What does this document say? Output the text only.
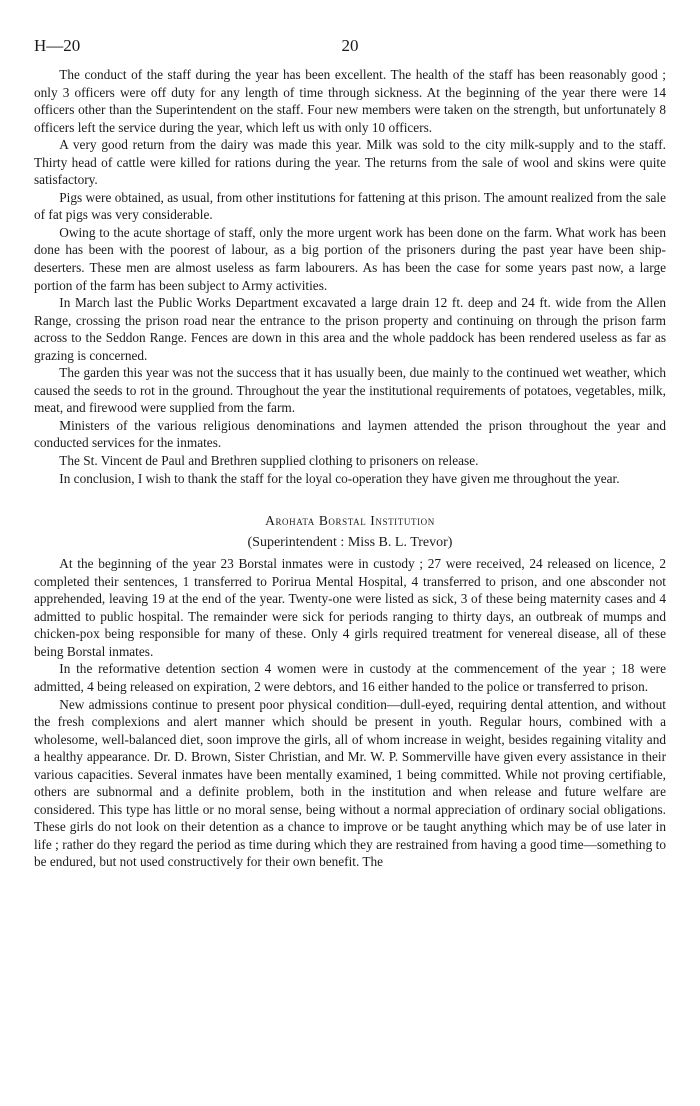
H—20	20

The conduct of the staff during the year has been excellent. The health of the staff has been reasonably good ; only 3 officers were off duty for any length of time through sickness. At the beginning of the year there were 14 officers other than the Superintendent on the staff. Four new members were taken on the strength, but unfortunately 8 officers left the service during the year, which left us with only 10 officers.

A very good return from the dairy was made this year. Milk was sold to the city milk-supply and to the staff. Thirty head of cattle were killed for rations during the year. The returns from the sale of wool and skins were quite satisfactory.

Pigs were obtained, as usual, from other institutions for fattening at this prison. The amount realized from the sale of fat pigs was very considerable.

Owing to the acute shortage of staff, only the more urgent work has been done on the farm. What work has been done has been with the poorest of labour, as a big portion of the prisoners during the past year have been ship-deserters. These men are almost useless as farm labourers. As has been the case for some years past now, a large portion of the farm has been subject to Army activities.

In March last the Public Works Department excavated a large drain 12 ft. deep and 24 ft. wide from the Allen Range, crossing the prison road near the entrance to the prison property and continuing on through the prison farm across to the Seddon Range. Fences are down in this area and the whole paddock has been rendered useless as far as grazing is concerned.

The garden this year was not the success that it has usually been, due mainly to the continued wet weather, which caused the seeds to rot in the ground. Throughout the year the institutional requirements of potatoes, vegetables, milk, meat, and firewood were supplied from the farm.

Ministers of the various religious denominations and laymen attended the prison throughout the year and conducted services for the inmates.

The St. Vincent de Paul and Brethren supplied clothing to prisoners on release.

In conclusion, I wish to thank the staff for the loyal co-operation they have given me throughout the year.

Arohata Borstal Institution
(Superintendent : Miss B. L. Trevor)

At the beginning of the year 23 Borstal inmates were in custody ; 27 were received, 24 released on licence, 2 completed their sentences, 1 transferred to Porirua Mental Hospital, 4 transferred to prison, and one absconder not apprehended, leaving 19 at the end of the year. Twenty-one were listed as sick, 3 of these being maternity cases and 4 admitted to public hospital. The remainder were sick for periods ranging to thirty days, an outbreak of mumps and chicken-pox being responsible for many of these. Only 4 girls required treatment for venereal disease, all of these being Borstal inmates.

In the reformative detention section 4 women were in custody at the commencement of the year ; 18 were admitted, 4 being released on expiration, 2 were debtors, and 16 either handed to the police or transferred to prison.

New admissions continue to present poor physical condition—dull-eyed, requiring dental attention, and without the fresh complexions and alert manner which should be present in youth. Regular hours, combined with a wholesome, well-balanced diet, soon improve the girls, all of whom increase in weight, besides regaining vitality and a healthy appearance. Dr. D. Brown, Sister Christian, and Mr. W. P. Sommerville have given every assistance in their various capacities. Several inmates have been mentally examined, 1 being committed. While not proving certifiable, others are subnormal and a definite problem, both in the institution and when release and future welfare are considered. This type has little or no moral sense, being without a normal appreciation of ordinary social obligations. These girls do not look on their detention as a chance to improve or be taught anything which may be of use later in life ; rather do they regard the period as time during which they are restrained from having a good time—something to be endured, but not used constructively for their own benefit. The
